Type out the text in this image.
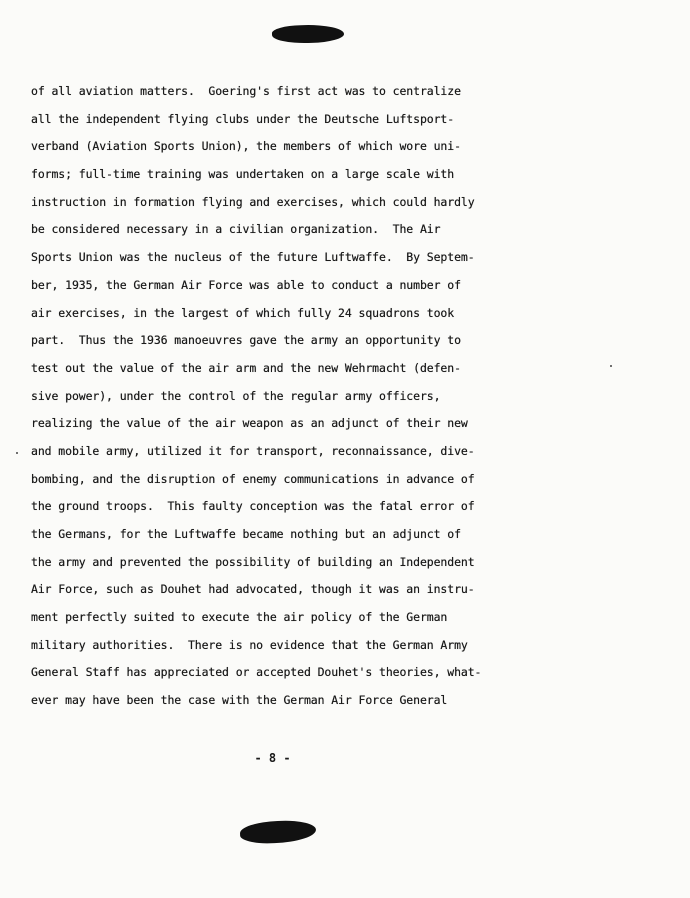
of all aviation matters.  Goering's first act was to centralize
all the independent flying clubs under the Deutsche Luftsport-
verband (Aviation Sports Union), the members of which wore uni-
forms; full-time training was undertaken on a large scale with
instruction in formation flying and exercises, which could hardly
be considered necessary in a civilian organization.  The Air
Sports Union was the nucleus of the future Luftwaffe.  By Septem-
ber, 1935, the German Air Force was able to conduct a number of
air exercises, in the largest of which fully 24 squadrons took
part.  Thus the 1936 manoeuvres gave the army an opportunity to
test out the value of the air arm and the new Wehrmacht (defen-
sive power), under the control of the regular army officers,
realizing the value of the air weapon as an adjunct of their new
and mobile army, utilized it for transport, reconnaissance, dive-
bombing, and the disruption of enemy communications in advance of
the ground troops.  This faulty conception was the fatal error of
the Germans, for the Luftwaffe became nothing but an adjunct of
the army and prevented the possibility of building an Independent
Air Force, such as Douhet had advocated, though it was an instru-
ment perfectly suited to execute the air policy of the German
military authorities.  There is no evidence that the German Army
General Staff has appreciated or accepted Douhet's theories, what-
ever may have been the case with the German Air Force General
- 8 -
